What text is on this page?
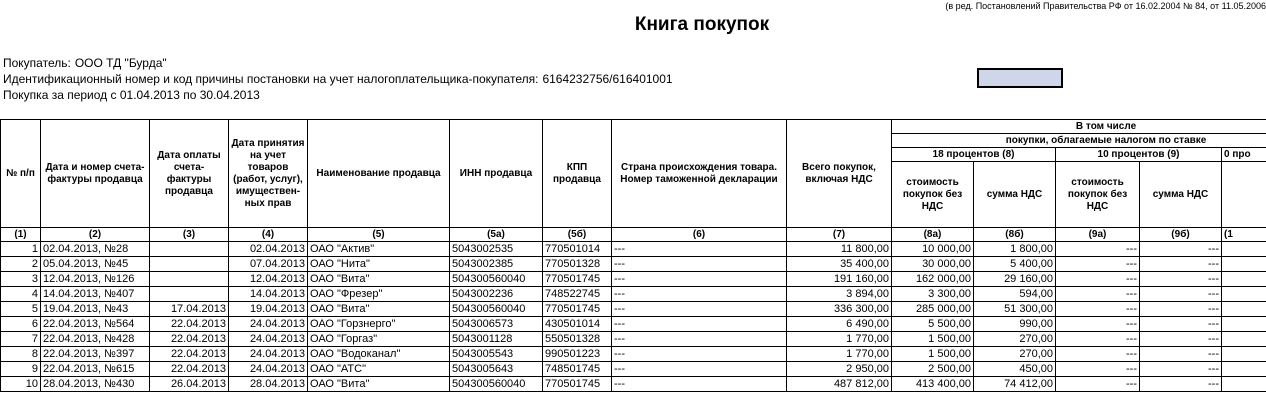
(в ред. Постановлений Правительства РФ от 16.02.2004 № 84, от 11.05.2006
Книга покупок
Покупатель: ООО ТД "Бурда"
Идентификационный номер и код причины постановки на учет налогоплательщика-покупателя: 6164232756/616401001
Покупка за период с 01.04.2013 по 30.04.2013
№ п/п	Дата и номер счета-фактуры продавца	Дата оплаты счета-фактуры продавца	Дата принятия на учет товаров (работ, услуг), имуществен-ных прав	Наименование продавца	ИНН продавца	КПП продавца	Страна происхождения товара. Номер таможенной декларации	Всего покупок, включая НДС	В том числе				
									покупки, облагаемые налогом по ставке				
									18 процентов (8)		10 процентов (9)		0 про
									стоимость покупок без НДС	сумма НДС	стоимость покупок без НДС	сумма НДС	
(1)	(2)	(3)	(4)	(5)	(5а)	(5б)	(6)	(7)	(8а)	(8б)	(9а)	(9б)	(1
1	02.04.2013, №28		02.04.2013	ОАО "Актив"	5043002535	770501014	---	11 800,00	10 000,00	1 800,00	---	---	
2	05.04.2013, №45		07.04.2013	ОАО "Нита"	5043002385	770501328	---	35 400,00	30 000,00	5 400,00	---	---	
3	12.04.2013, №126		12.04.2013	ОАО "Вита"	504300560040	770501745	---	191 160,00	162 000,00	29 160,00	---	---	
4	14.04.2013, №407		14.04.2013	ОАО "Фрезер"	5043002236	748522745	---	3 894,00	3 300,00	594,00	---	---	
5	19.04.2013, №43	17.04.2013	19.04.2013	ОАО "Вита"	504300560040	770501745	---	336 300,00	285 000,00	51 300,00	---	---	
6	22.04.2013, №564	22.04.2013	24.04.2013	ОАО "Горзнерго"	5043006573	430501014	---	6 490,00	5 500,00	990,00	---	---	
7	22.04.2013, №428	22.04.2013	24.04.2013	ОАО "Горгаз"	5043001128	550501328	---	1 770,00	1 500,00	270,00	---	---	
8	22.04.2013, №397	22.04.2013	24.04.2013	ОАО "Водоканал"	5043005543	990501223	---	1 770,00	1 500,00	270,00	---	---	
9	22.04.2013, №615	22.04.2013	24.04.2013	ОАО "АТС"	5043005643	748501745	---	2 950,00	2 500,00	450,00	---	---	
10	28.04.2013, №430	26.04.2013	28.04.2013	ОАО "Вита"	504300560040	770501745	---	487 812,00	413 400,00	74 412,00	---	---	
